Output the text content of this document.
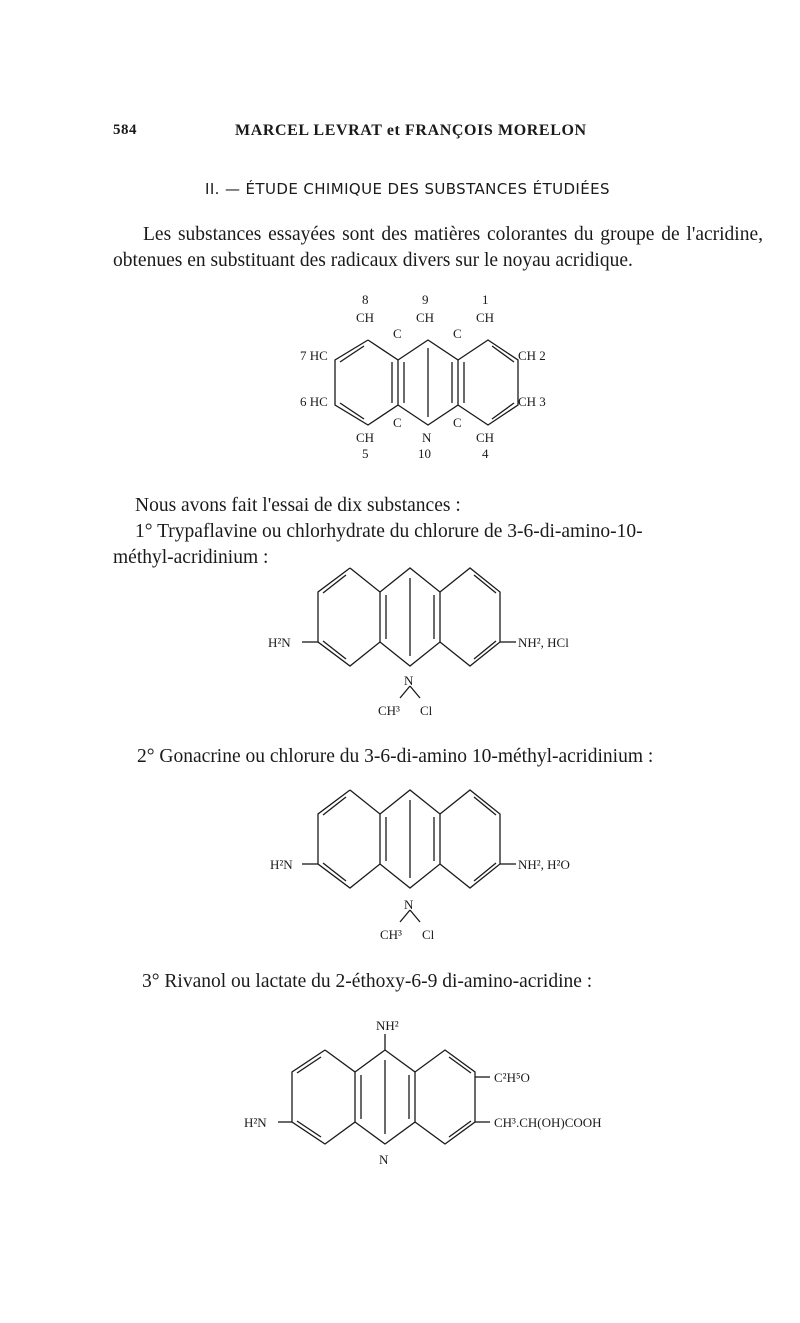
584	MARCEL LEVRAT et FRANÇOIS MORELON
II. — ÉTUDE CHIMIQUE DES SUBSTANCES ÉTUDIÉES
Les substances essayées sont des matières colorantes du groupe de l'acridine, obtenues en substituant des radicaux divers sur le noyau acridique.
8	9	1
CH	CH	CH
C	C
7 HC	CH 2
6 HC	CH 3
C	C
CH	N	CH
5	10	4
Nous avons fait l'essai de dix substances :
1° Trypaflavine ou chlorhydrate du chlorure de 3-6-di-amino-10-
méthyl-acridinium :
H²N	NH², HCl
N
CH³ Cl
2° Gonacrine ou chlorure du 3-6-di-amino 10-méthyl-acridinium :
H²N	NH², H²O
N
CH³ Cl
3° Rivanol ou lactate du 2-éthoxy-6-9 di-amino-acridine :
NH²
H²N
C²H⁵O
CH³.CH(OH)COOH
N
